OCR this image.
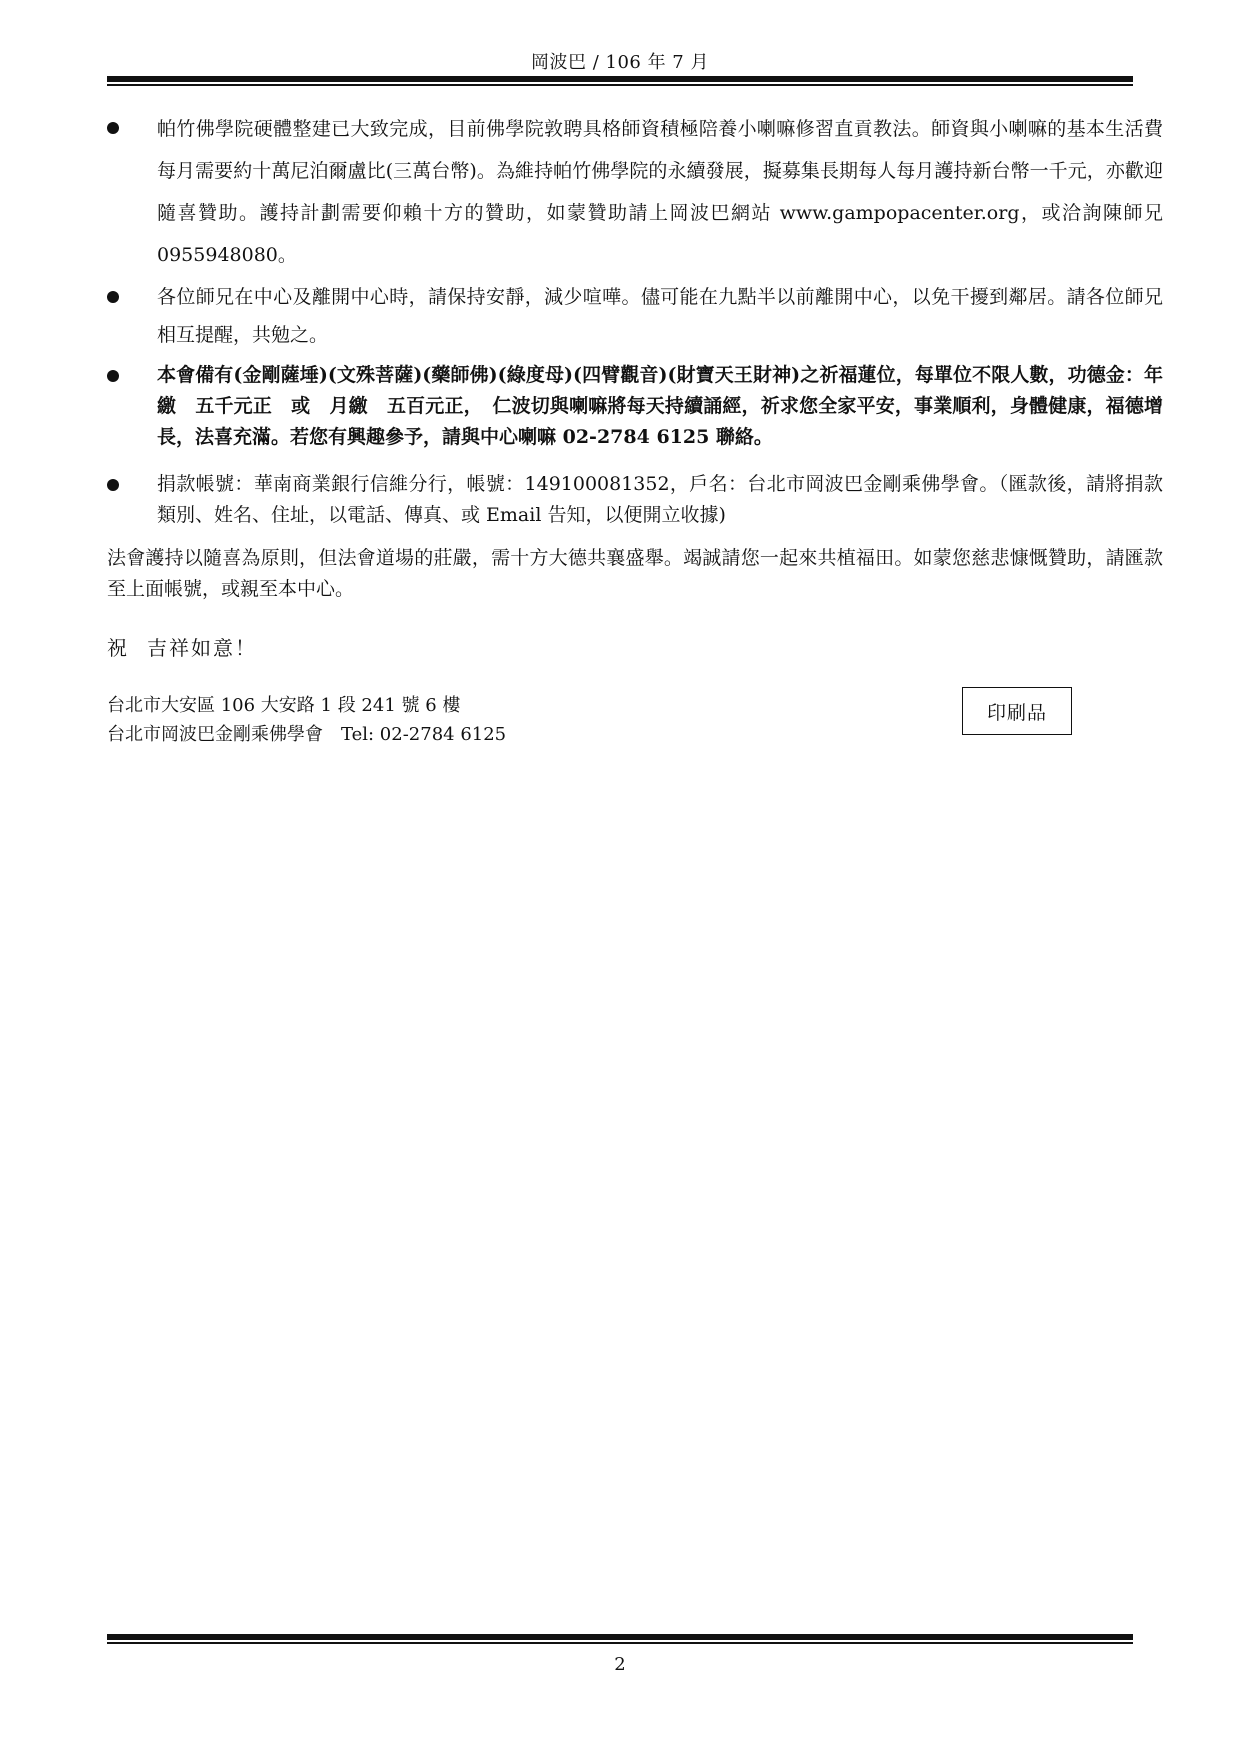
岡波巴 / 106 年 7 月
帕竹佛學院硬體整建已大致完成，目前佛學院敦聘具格師資積極陪養小喇嘛修習直貢教法。師資與小喇嘛的基本生活費每月需要約十萬尼泊爾盧比(三萬台幣)。為維持帕竹佛學院的永續發展，擬募集長期每人每月護持新台幣一千元，亦歡迎隨喜贊助。護持計劃需要仰賴十方的贊助，如蒙贊助請上岡波巴網站 www.gampopacenter.org，或洽詢陳師兄 0955948080。
各位師兄在中心及離開中心時，請保持安靜，減少喧嘩。儘可能在九點半以前離開中心，以免干擾到鄰居。請各位師兄相互提醒，共勉之。
本會備有(金剛薩埵)(文殊菩薩)(藥師佛)(綠度母)(四臂觀音)(財寶天王財神)之祈福蓮位，每單位不限人數，功德金：年繳　五千元正　或　月繳　五百元正，　仁波切與喇嘛將每天持續誦經，祈求您全家平安，事業順利，身體健康，福德增長，法喜充滿。若您有興趣參予，請與中心喇嘛 02-2784 6125 聯絡。
捐款帳號：華南商業銀行信維分行，帳號：149100081352，戶名：台北市岡波巴金剛乘佛學會。（匯款後，請將捐款類別、姓名、住址，以電話、傳真、或 Email 告知，以便開立收據)
法會護持以隨喜為原則，但法會道場的莊嚴，需十方大德共襄盛舉。竭誠請您一起來共植福田。如蒙您慈悲慷慨贊助，請匯款至上面帳號，或親至本中心。
祝 吉祥如意！
台北市大安區 106 大安路 1 段 241 號 6 樓
台北市岡波巴金剛乘佛學會　Tel: 02-2784 6125
印刷品
2
